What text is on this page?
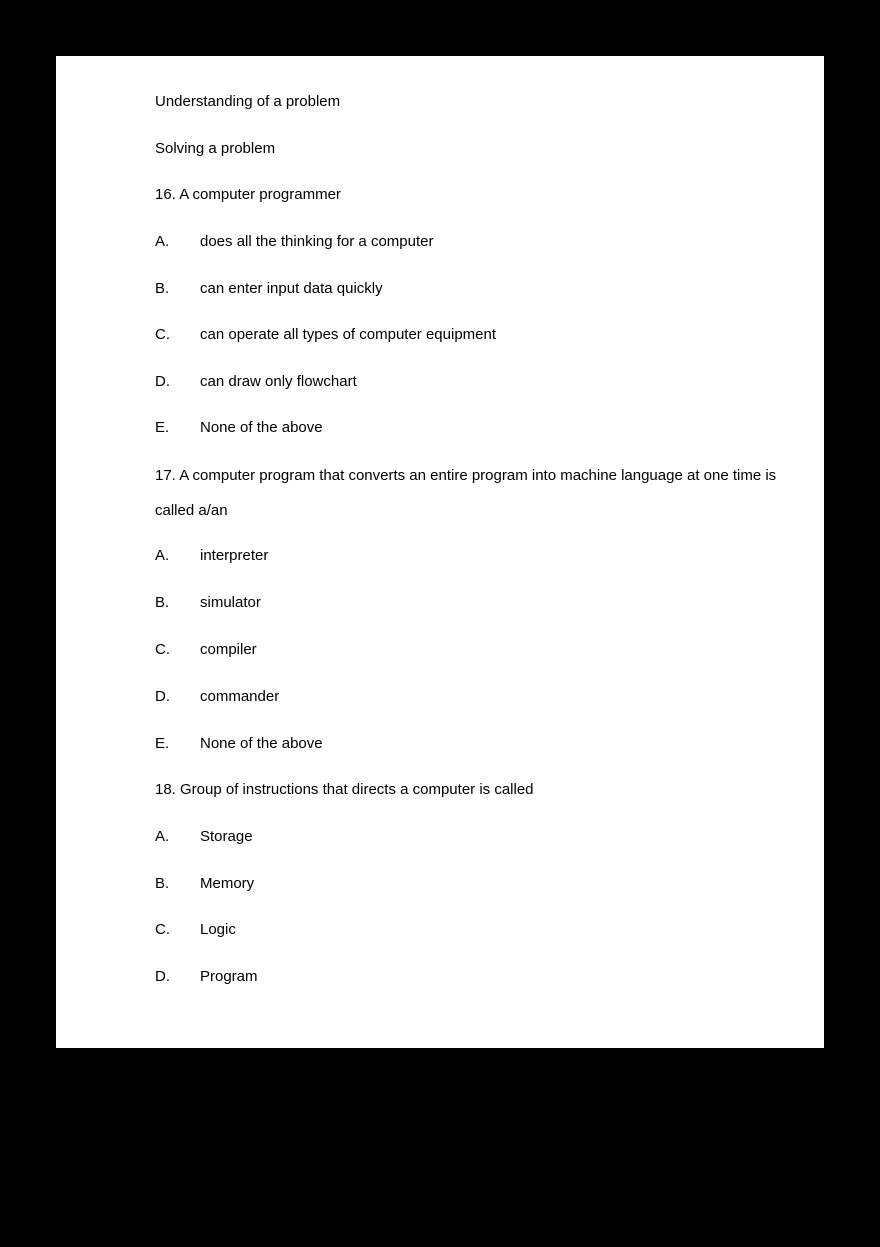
Understanding of a problem
Solving a problem
16. A computer programmer
A. does all the thinking for a computer
B. can enter input data quickly
C. can operate all types of computer equipment
D. can draw only flowchart
E. None of the above
17. A computer program that converts an entire program into machine language at one time is
called a/an
A. interpreter
B. simulator
C. compiler
D. commander
E. None of the above
18. Group of instructions that directs a computer is called
A. Storage
B. Memory
C. Logic
D. Program
